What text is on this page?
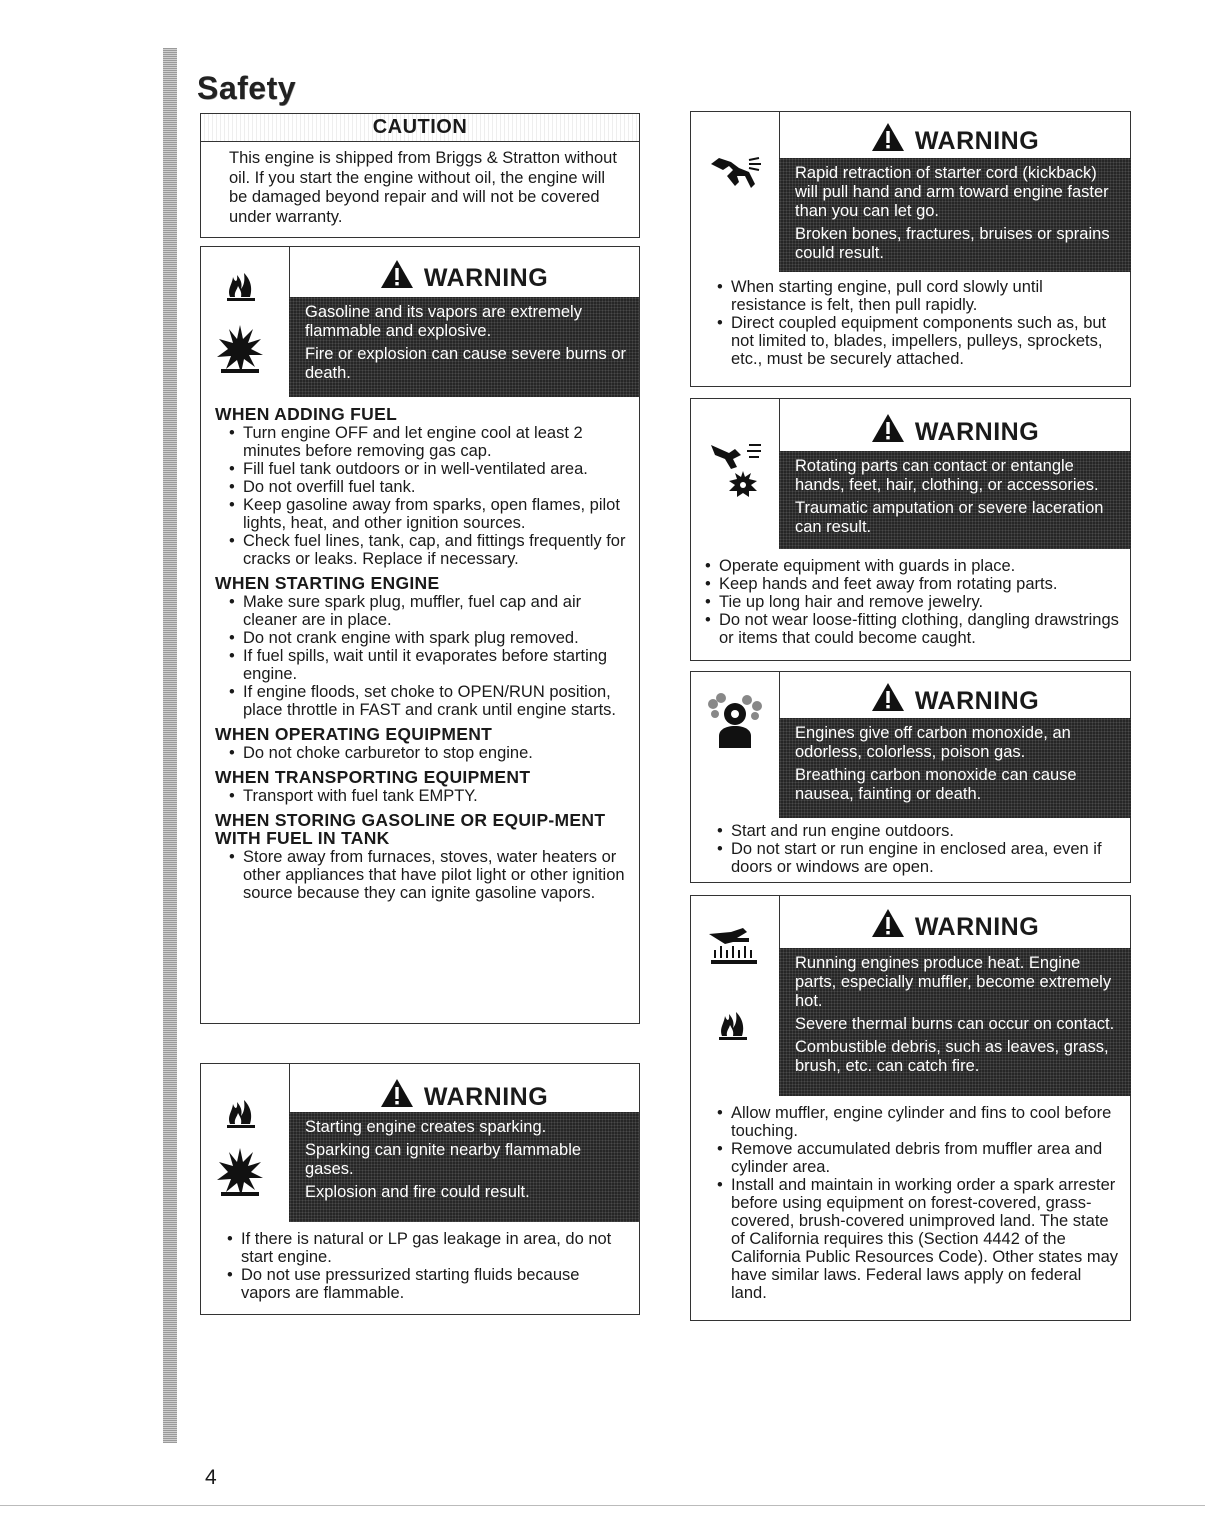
Safety
CAUTION
This engine is shipped from Briggs & Stratton without oil. If you start the engine without oil, the engine will be damaged beyond repair and will not be covered under warranty.
WARNING

Gasoline and its vapors are extremely flammable and explosive.

Fire or explosion can cause severe burns or death.

WHEN ADDING FUEL
• Turn engine OFF and let engine cool at least 2 minutes before removing gas cap.
• Fill fuel tank outdoors or in well-ventilated area.
• Do not overfill fuel tank.
• Keep gasoline away from sparks, open flames, pilot lights, heat, and other ignition sources.
• Check fuel lines, tank, cap, and fittings frequently for cracks or leaks. Replace if necessary.
WHEN STARTING ENGINE
• Make sure spark plug, muffler, fuel cap and air cleaner are in place.
• Do not crank engine with spark plug removed.
• If fuel spills, wait until it evaporates before starting engine.
• If engine floods, set choke to OPEN/RUN position, place throttle in FAST and crank until engine starts.
WHEN OPERATING EQUIPMENT
• Do not choke carburetor to stop engine.
WHEN TRANSPORTING EQUIPMENT
• Transport with fuel tank EMPTY.
WHEN STORING GASOLINE OR EQUIP-MENT WITH FUEL IN TANK
• Store away from furnaces, stoves, water heaters or other appliances that have pilot light or other ignition source because they can ignite gasoline vapors.
WARNING

Starting engine creates sparking.

Sparking can ignite nearby flammable gases.

Explosion and fire could result.

• If there is natural or LP gas leakage in area, do not start engine.
• Do not use pressurized starting fluids because vapors are flammable.
WARNING

Rapid retraction of starter cord (kickback) will pull hand and arm toward engine faster than you can let go.

Broken bones, fractures, bruises or sprains could result.

• When starting engine, pull cord slowly until resistance is felt, then pull rapidly.
• Direct coupled equipment components such as, but not limited to, blades, impellers, pulleys, sprockets, etc., must be securely attached.
WARNING

Rotating parts can contact or entangle hands, feet, hair, clothing, or accessories.

Traumatic amputation or severe laceration can result.

• Operate equipment with guards in place.
• Keep hands and feet away from rotating parts.
• Tie up long hair and remove jewelry.
• Do not wear loose-fitting clothing, dangling drawstrings or items that could become caught.
WARNING

Engines give off carbon monoxide, an odorless, colorless, poison gas.

Breathing carbon monoxide can cause nausea, fainting or death.

• Start and run engine outdoors.
• Do not start or run engine in enclosed area, even if doors or windows are open.
WARNING

Running engines produce heat. Engine parts, especially muffler, become extremely hot.

Severe thermal burns can occur on contact.

Combustible debris, such as leaves, grass, brush, etc. can catch fire.

• Allow muffler, engine cylinder and fins to cool before touching.
• Remove accumulated debris from muffler area and cylinder area.
• Install and maintain in working order a spark arrester before using equipment on forest-covered, grass-covered, brush-covered unimproved land. The state of California requires this (Section 4442 of the California Public Resources Code). Other states may have similar laws. Federal laws apply on federal land.
4
